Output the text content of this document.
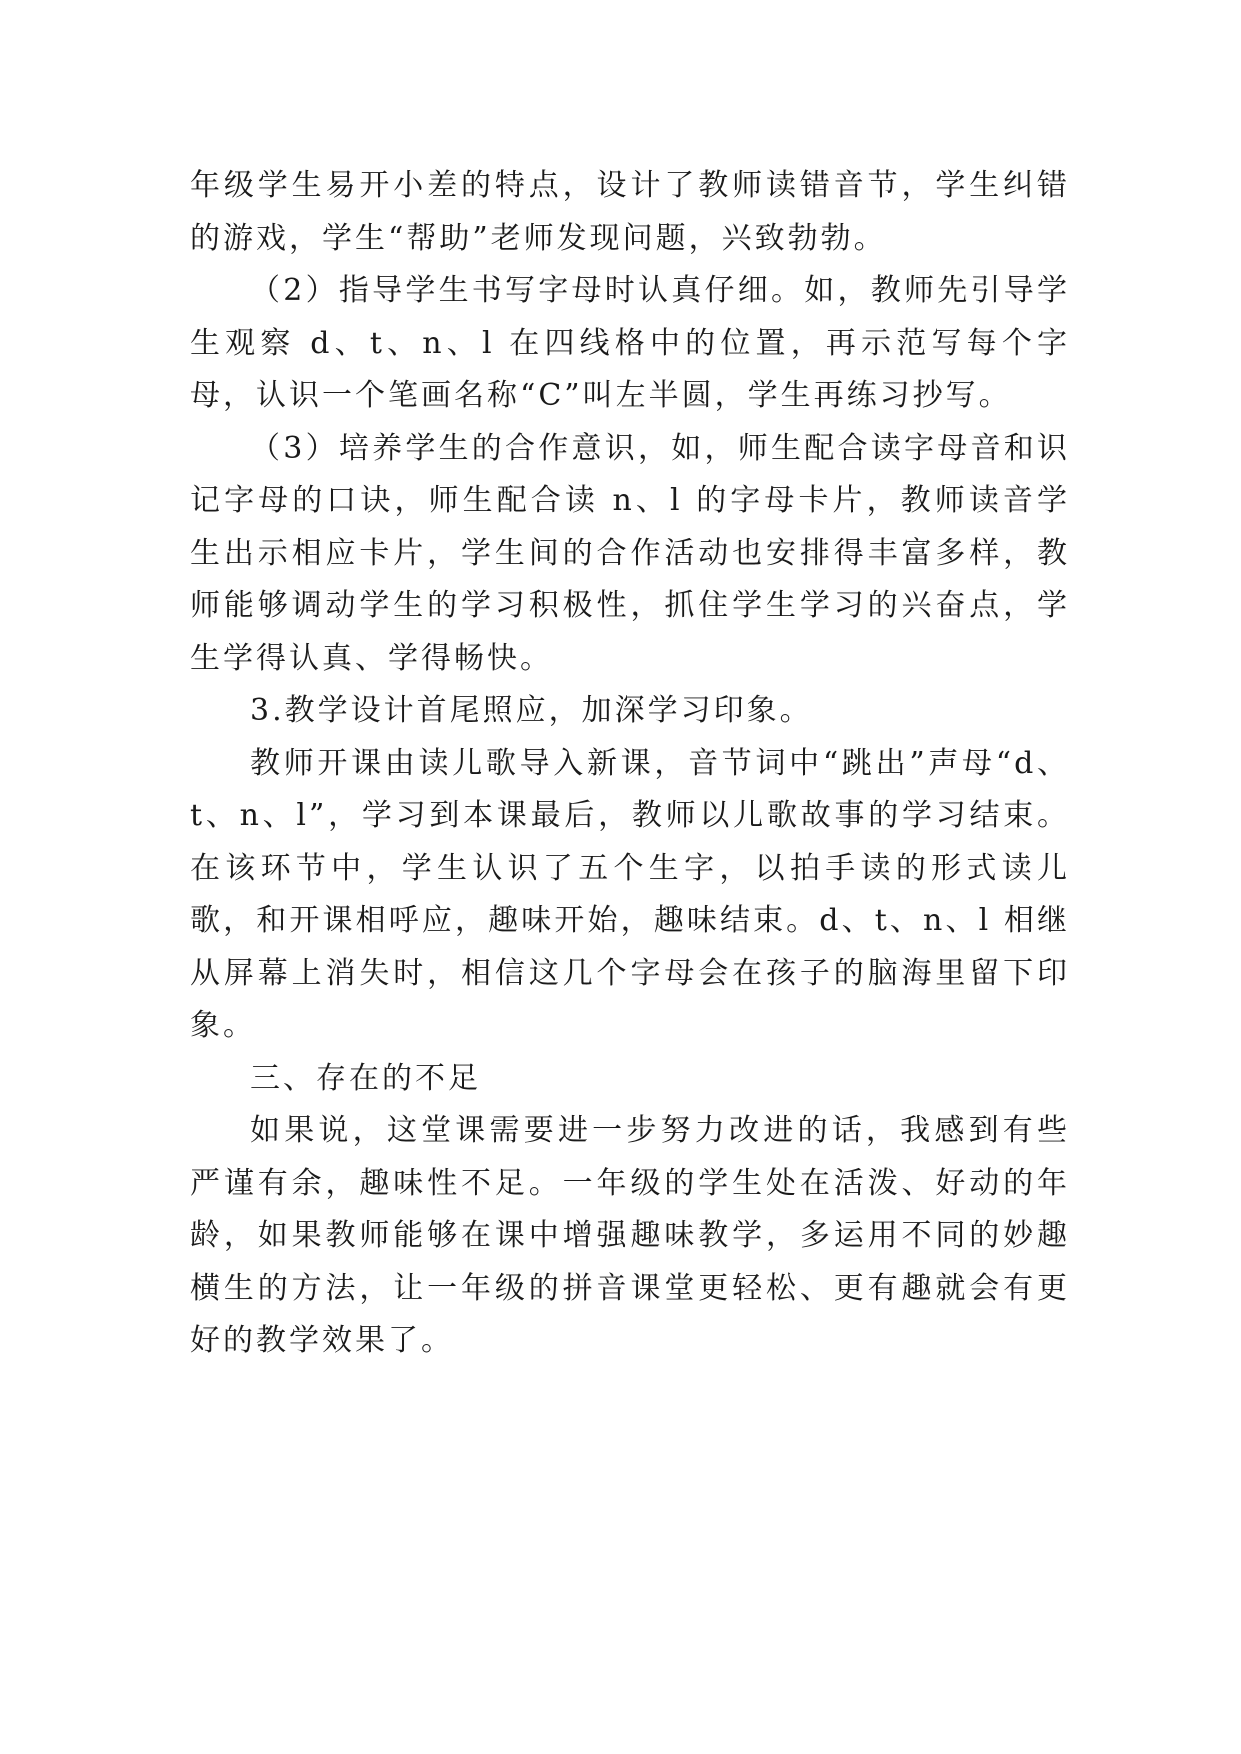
年级学生易开小差的特点，设计了教师读错音节，学生纠错的游戏，学生“帮助”老师发现问题，兴致勃勃。

（2）指导学生书写字母时认真仔细。如，教师先引导学生观察 d、t、n、l 在四线格中的位置，再示范写每个字母，认识一个笔画名称“C”叫左半圆，学生再练习抄写。

（3）培养学生的合作意识，如，师生配合读字母音和识记字母的口诀，师生配合读 n、l 的字母卡片，教师读音学生出示相应卡片，学生间的合作活动也安排得丰富多样，教师能够调动学生的学习积极性，抓住学生学习的兴奋点，学生学得认真、学得畅快。

3.教学设计首尾照应，加深学习印象。

教师开课由读儿歌导入新课，音节词中“跳出”声母“d、t、n、l”，学习到本课最后，教师以儿歌故事的学习结束。在该环节中，学生认识了五个生字，以拍手读的形式读儿歌，和开课相呼应，趣味开始，趣味结束。d、t、n、l 相继从屏幕上消失时，相信这几个字母会在孩子的脑海里留下印象。

三、存在的不足

如果说，这堂课需要进一步努力改进的话，我感到有些严谨有余，趣味性不足。一年级的学生处在活泼、好动的年龄，如果教师能够在课中增强趣味教学，多运用不同的妙趣横生的方法，让一年级的拼音课堂更轻松、更有趣就会有更好的教学效果了。
